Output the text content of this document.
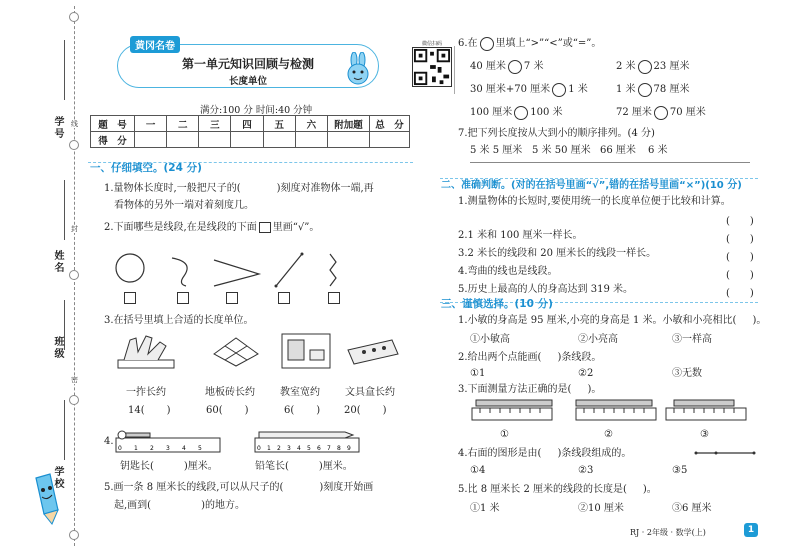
学号
姓名
班级
学校
线
封
密
黄冈名卷
第一单元知识回顾与检测
长度单位
微信扫码
满分:100 分 时间:40 分钟
题　号	一	二	三	四	五	六	附加题	总　分
得　分								
一、仔细填空。(24 分)
1.量物体长度时,一般把尺子的(	)刻度对准物体一端,再
看物体的另外一端对着刻度几。
2.下面哪些是线段,在是线段的下面 里画“√”。
3.在括号里填上合适的长度单位。
一拃长约	地板砖长约	教室宽约	文具盒长约
14( )	60( )	6( ) 20( )
4.
0 1 2 3 4 5	0 1 2 3 4 5 6 7 8 9
钥匙长(	)厘米。	铅笔长(	)厘米。
5.画一条 8 厘米长的线段,可以从尺子的(	)刻度开始画
起,画到(	)的地方。
6.在 里填上“>”“<”或“=”。
40 厘米 7 米	2 米 23 厘米
30 厘米+70 厘米 1 米	1 米 78 厘米
100 厘米 100 米	72 厘米 70 厘米
7.把下列长度按从大到小的顺序排列。(4 分)
5 米 5 厘米 5 米 50 厘米 66 厘米 6 米
二、准确判断。(对的在括号里画“√”,错的在括号里画“×”)(10 分)
1.测量物体的长短时,要使用统一的长度单位便于比较和计算。
(　　)
2.1 米和 100 厘米一样长。	(　　)
3.2 米长的线段和 20 厘米长的线段一样长。	(　　)
4.弯曲的线也是线段。	(　　)
5.历史上最高的人的身高达到 319 米。	(　　)
三、谨慎选择。(10 分)
1.小敏的身高是 95 厘米,小亮的身高是 1 米。小敏和小亮相比( )。
①小敏高	②小亮高	③一样高
2.给出两个点能画( )条线段。
①1	②2	③无数
3.下面测量方法正确的是( )。
①	②	③
4.右面的图形是由( )条线段组成的。
①4	②3	③5
5.比 8 厘米长 2 厘米的线段的长度是( )。
①1 米	②10 厘米	③6 厘米
RJ · 2年级 · 数学(上)	1
